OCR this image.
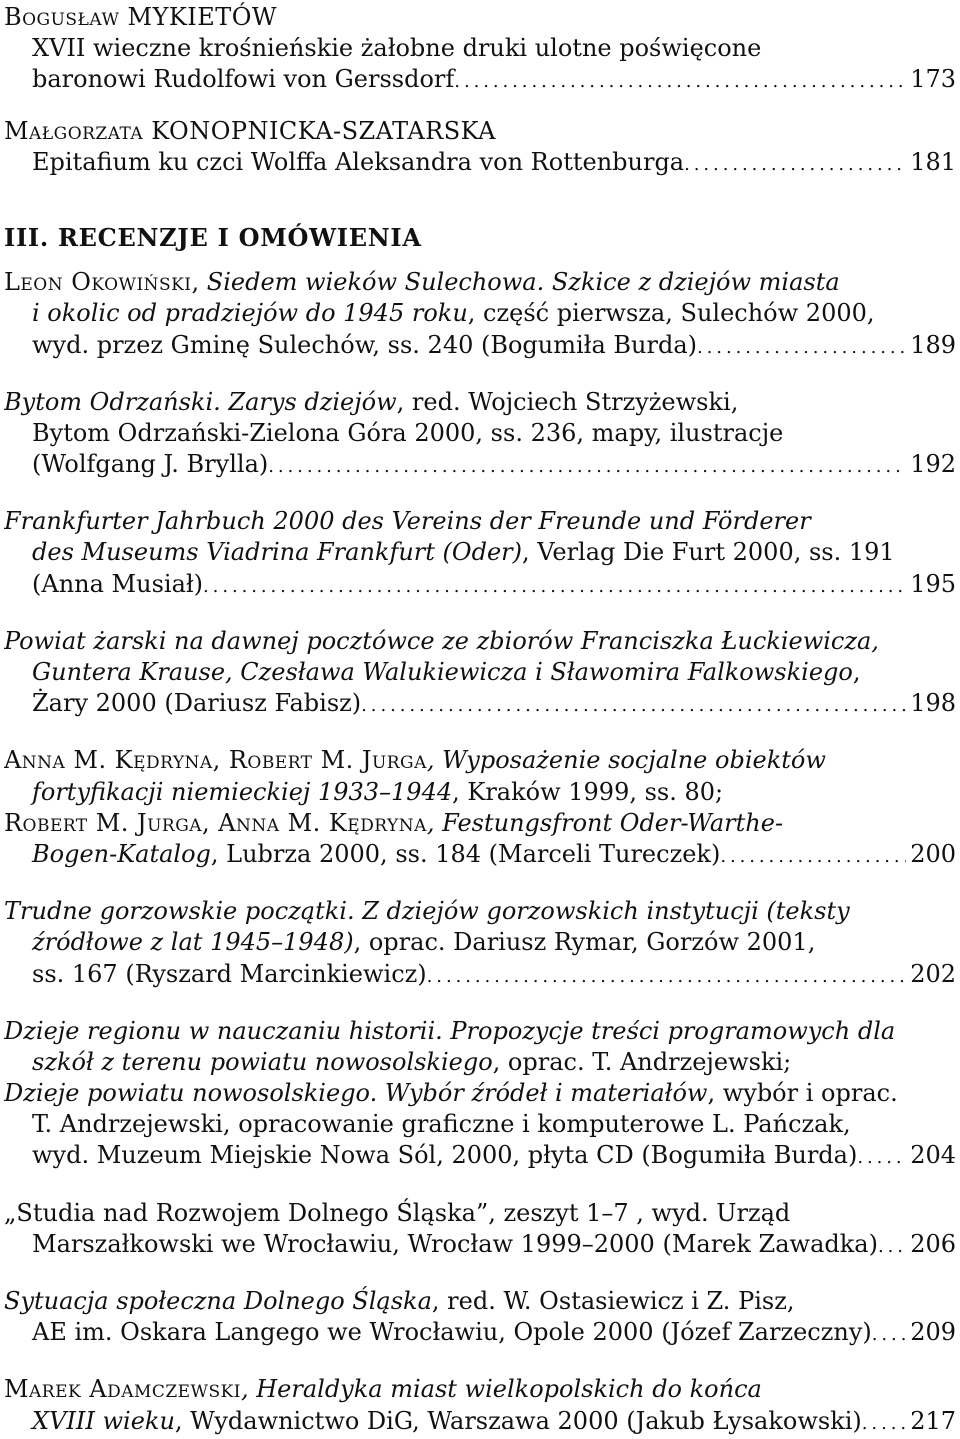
Bogusław MYKIETÓW
XVII wieczne krośnieńskie żałobne druki ulotne poświęcone
baronowi Rudolfowi von Gerssdorf . . .	173
Małgorzata KONOPNICKA-SZATARSKA
Epitafium ku czci Wolffa Aleksandra von Rottenburga . . .	181
III. RECENZJE I OMÓWIENIA
Leon Okowiński, Siedem wieków Sulechowa. Szkice z dziejów miasta
i okolic od pradziejów do 1945 roku, część pierwsza, Sulechów 2000,
wyd. przez Gminę Sulechów, ss. 240 (Bogumiła Burda) . . .	189
Bytom Odrzański. Zarys dziejów, red. Wojciech Strzyżewski,
Bytom Odrzański-Zielona Góra 2000, ss. 236, mapy, ilustracje
(Wolfgang J. Brylla) . . .	192
Frankfurter Jahrbuch 2000 des Vereins der Freunde und Förderer
des Museums Viadrina Frankfurt (Oder), Verlag Die Furt 2000, ss. 191
(Anna Musiał) . . .	195
Powiat żarski na dawnej pocztówce ze zbiorów Franciszka Łuckiewicza,
Guntera Krause, Czesława Walukiewicza i Sławomira Falkowskiego,
Żary 2000 (Dariusz Fabisz) . . .	198
Anna M. Kędryna, Robert M. Jurga, Wyposażenie socjalne obiektów
fortyfikacji niemieckiej 1933–1944, Kraków 1999, ss. 80;
Robert M. Jurga, Anna M. Kędryna, Festungsfront Oder-Warthe-
Bogen-Katalog, Lubrza 2000, ss. 184 (Marceli Tureczek) . . .	200
Trudne gorzowskie początki. Z dziejów gorzowskich instytucji (teksty
źródłowe z lat 1945–1948), oprac. Dariusz Rymar, Gorzów 2001,
ss. 167 (Ryszard Marcinkiewicz) . . .	202
Dzieje regionu w nauczaniu historii. Propozycje treści programowych dla
szkół z terenu powiatu nowosolskiego, oprac. T. Andrzejewski;
Dzieje powiatu nowosolskiego. Wybór źródeł i materiałów, wybór i oprac.
T. Andrzejewski, opracowanie graficzne i komputerowe L. Pańczak,
wyd. Muzeum Miejskie Nowa Sól, 2000, płyta CD (Bogumiła Burda) . . . 204
„Studia nad Rozwojem Dolnego Śląska”, zeszyt 1–7 , wyd. Urząd
Marszałkowski we Wrocławiu, Wrocław 1999–2000 (Marek Zawadka) . . . 206
Sytuacja społeczna Dolnego Śląska, red. W. Ostasiewicz i Z. Pisz,
AE im. Oskara Langego we Wrocławiu, Opole 2000 (Józef Zarzeczny) . . . 209
Marek Adamczewski, Heraldyka miast wielkopolskich do końca
XVIII wieku, Wydawnictwo DiG, Warszawa 2000 (Jakub Łysakowski) . . . 217
